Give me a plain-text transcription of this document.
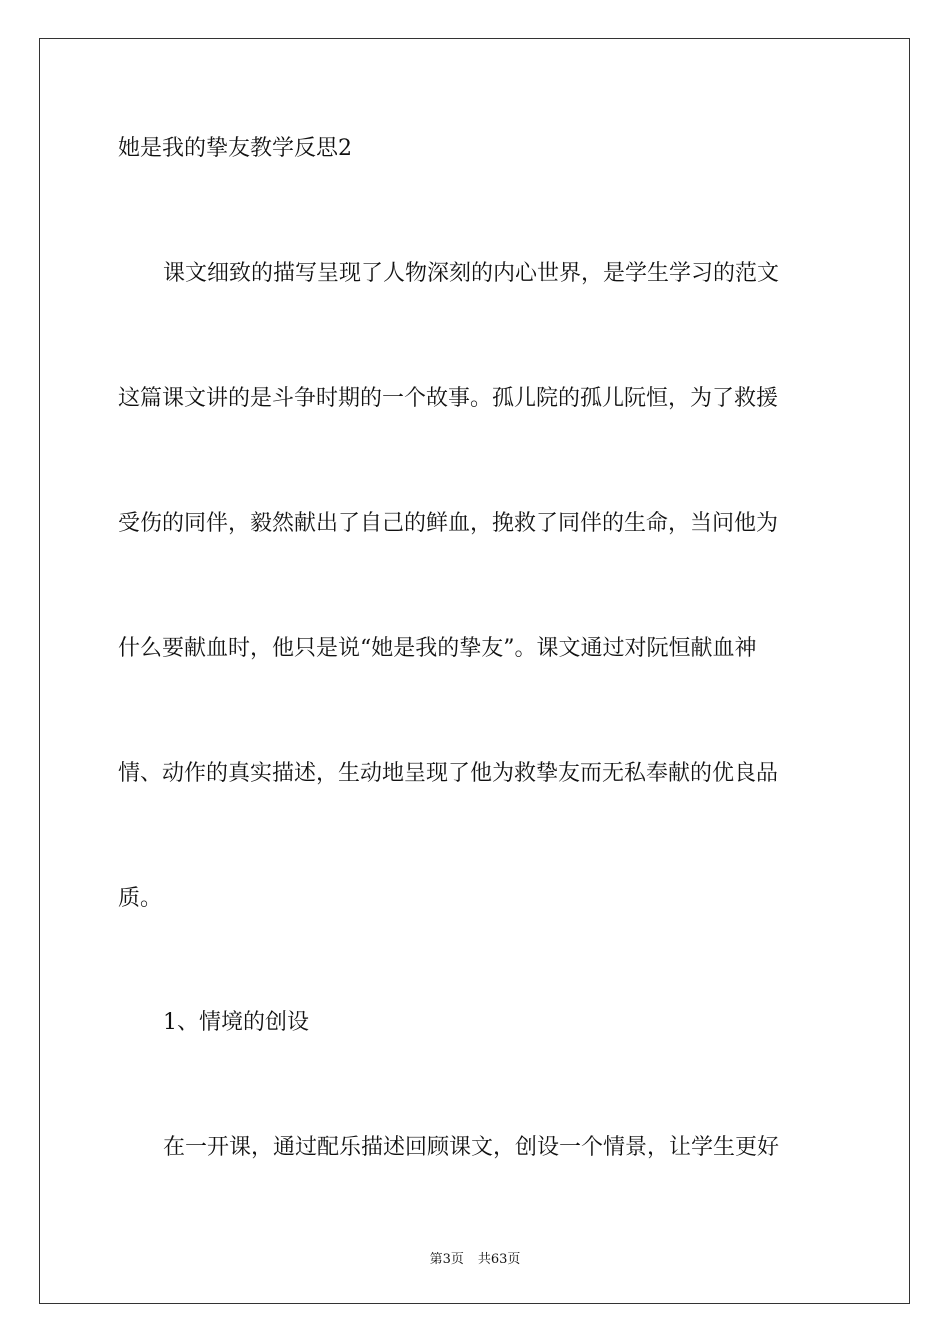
她是我的挚友教学反思2

课文细致的描写呈现了人物深刻的内心世界，是学生学习的范文

这篇课文讲的是斗争时期的一个故事。孤儿院的孤儿阮恒，为了救援

受伤的同伴，毅然献出了自己的鲜血，挽救了同伴的生命，当问他为

什么要献血时，他只是说“她是我的挚友”。课文通过对阮恒献血神

情、动作的真实描述，生动地呈现了他为救挚友而无私奉献的优良品

质。

1、情境的创设

在一开课，通过配乐描述回顾课文，创设一个情景，让学生更好

第3页 共63页
